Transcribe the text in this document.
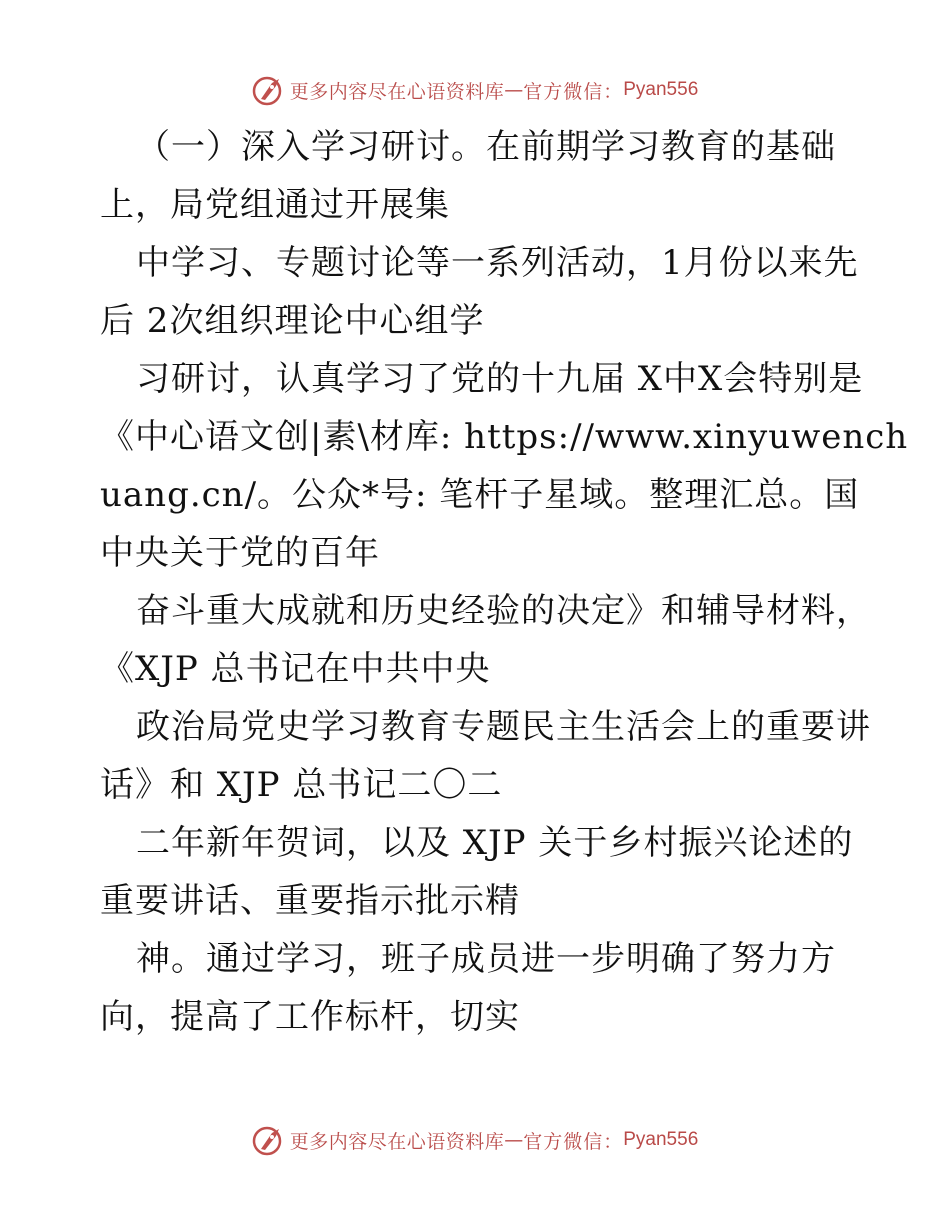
更多内容尽在心语资料库 — 官方微信： Pyan556
（一）深入学习研讨。在前期学习教育的基础
上，局党组通过开展集
中学习、专题讨论等一系列活动，1月份以来先
后 2次组织理论中心组学
习研讨，认真学习了党的十九届 X中X会特别是
《中心语文创|素\材库: https://www.xinyuwench
uang.cn/。公众*号: 笔杆子星域。整理汇总。国
中央关于党的百年
奋斗重大成就和历史经验的决定》和辅导材料，
《XJP 总书记在中共中央
政治局党史学习教育专题民主生活会上的重要讲
话》和 XJP 总书记二〇二
二年新年贺词，以及 XJP 关于乡村振兴论述的
重要讲话、重要指示批示精
神。通过学习，班子成员进一步明确了努力方
向，提高了工作标杆，切实
更多内容尽在心语资料库 — 官方微信： Pyan556
